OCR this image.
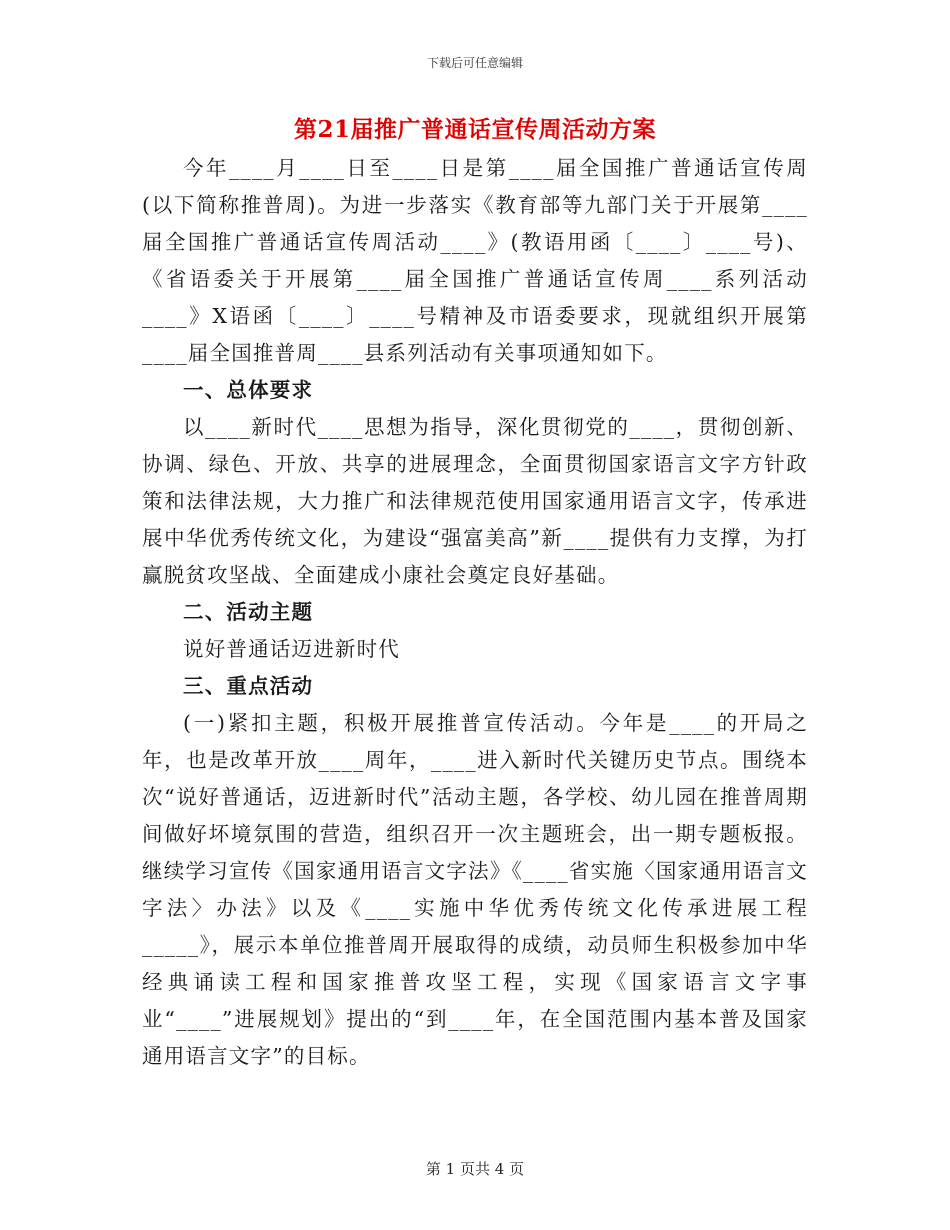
下载后可任意编辑
第21届推广普通话宣传周活动方案

今年____月____日至____日是第____届全国推广普通话宣传周(以下简称推普周)。为进一步落实《教育部等九部门关于开展第____届全国推广普通话宣传周活动____》(教语用函〔____〕____号)、《省语委关于开展第____届全国推广普通话宣传周____系列活动____》X语函〔____〕____号精神及市语委要求，现就组织开展第____届全国推普周____县系列活动有关事项通知如下。

一、总体要求

以____新时代____思想为指导，深化贯彻党的____，贯彻创新、协调、绿色、开放、共享的进展理念，全面贯彻国家语言文字方针政策和法律法规，大力推广和法律规范使用国家通用语言文字，传承进展中华优秀传统文化，为建设“强富美高”新____提供有力支撑，为打赢脱贫攻坚战、全面建成小康社会奠定良好基础。

二、活动主题

说好普通话迈进新时代

三、重点活动

(一)紧扣主题，积极开展推普宣传活动。今年是____的开局之年，也是改革开放____周年，____进入新时代关键历史节点。围绕本次“说好普通话，迈进新时代”活动主题，各学校、幼儿园在推普周期间做好坏境氛围的营造，组织召开一次主题班会，出一期专题板报。继续学习宣传《国家通用语言文字法》《____省实施〈国家通用语言文字法〉办法》以及《____实施中华优秀传统文化传承进展工程_____》，展示本单位推普周开展取得的成绩，动员师生积极参加中华经典诵读工程和国家推普攻坚工程，实现《国家语言文字事业“____”进展规划》提出的“到____年，在全国范围内基本普及国家通用语言文字”的目标。

第 1 页共 4 页
